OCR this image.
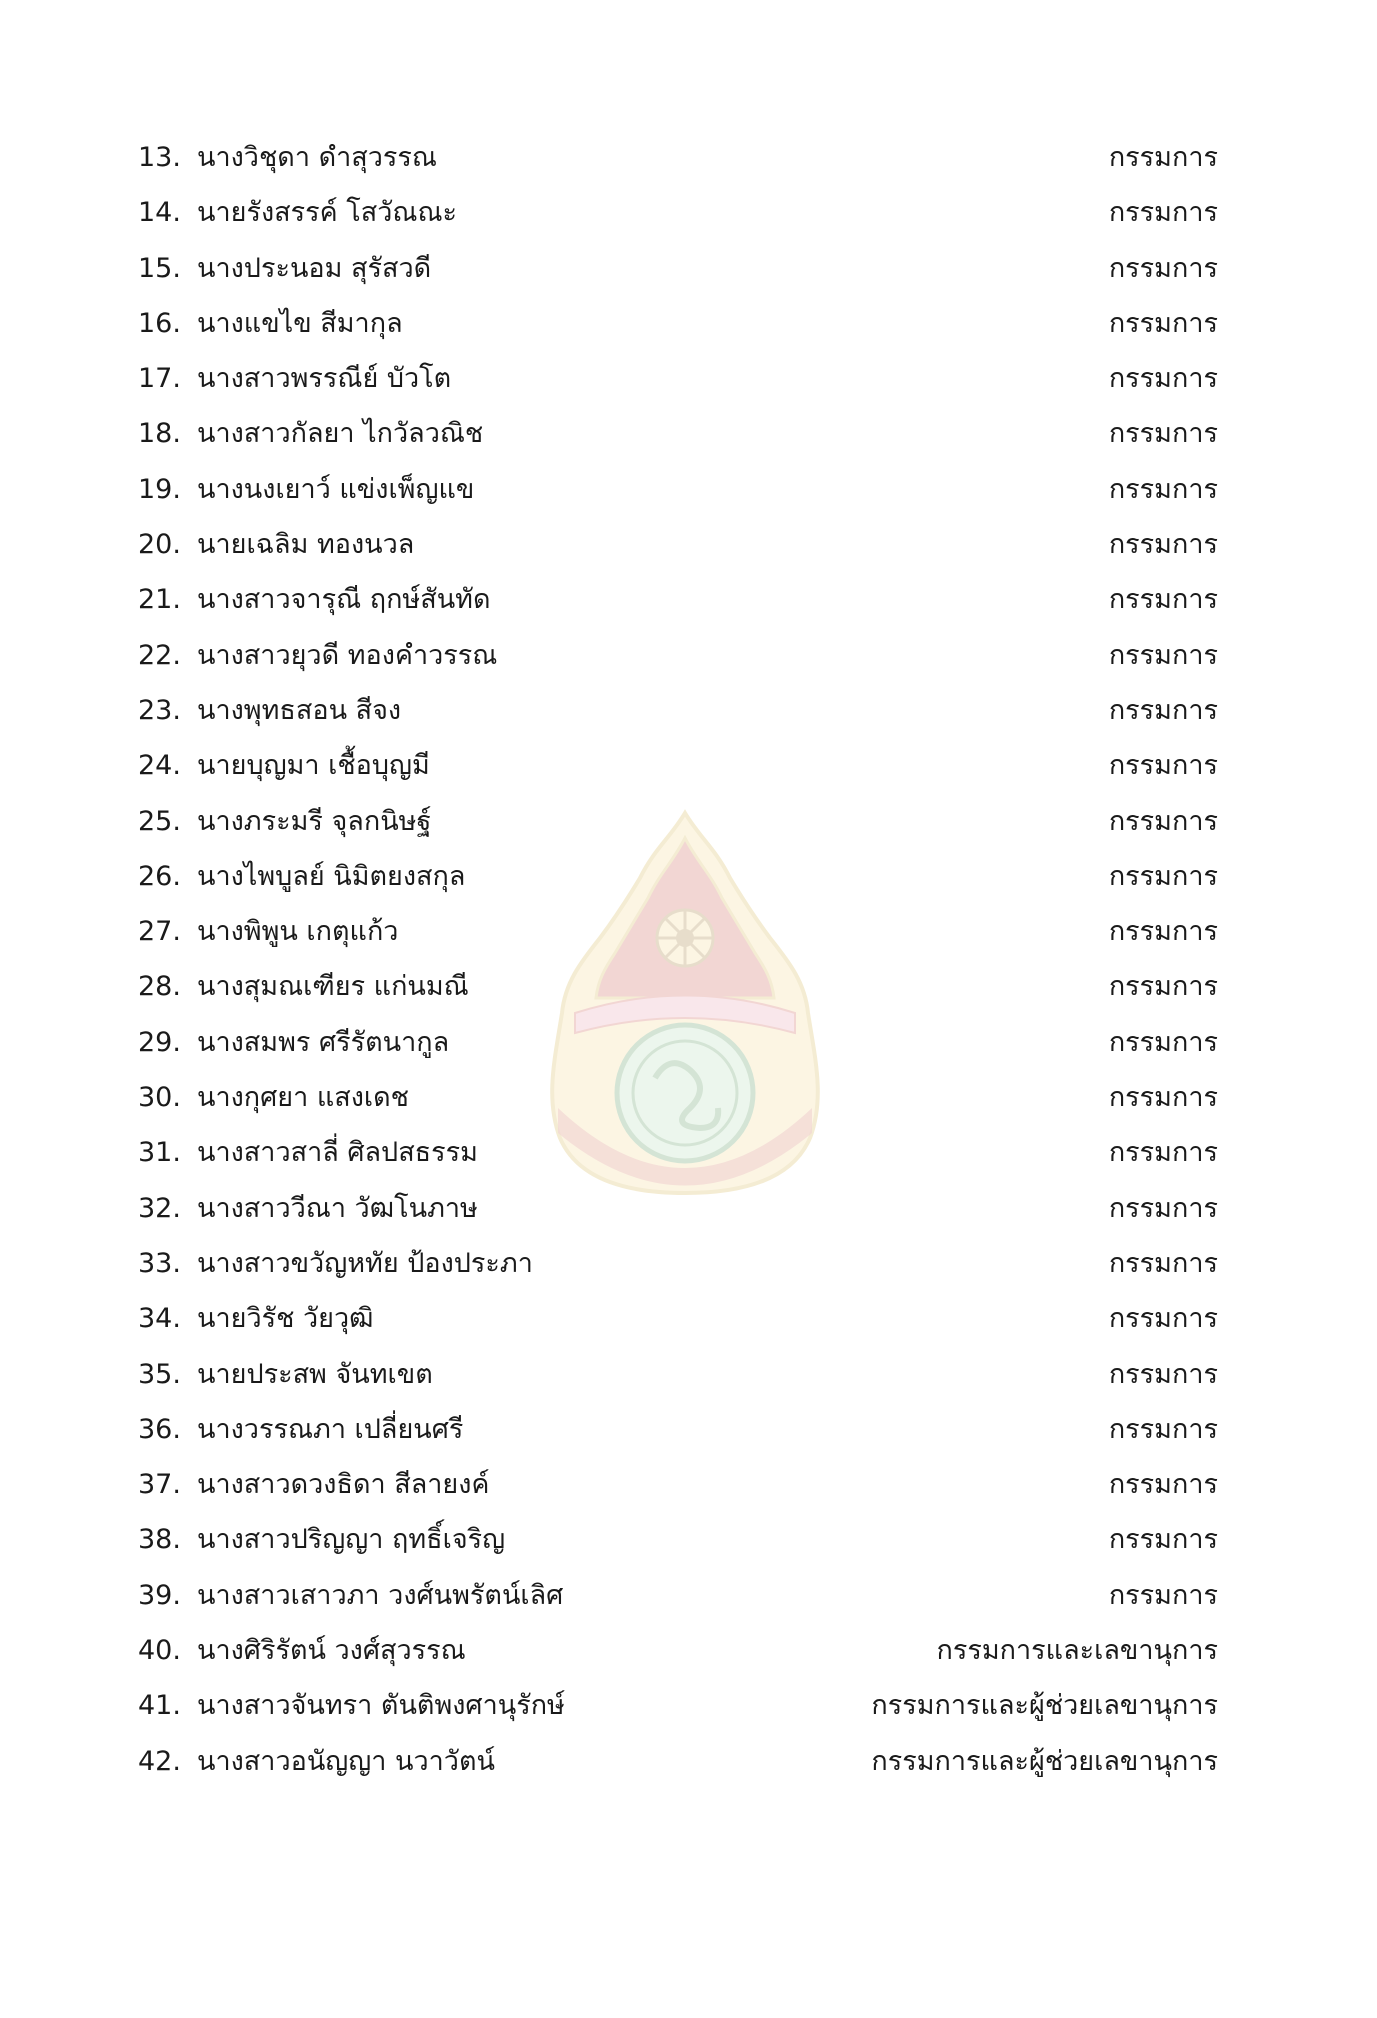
13. นางวิชุดา ดำสุวรรณ	กรรมการ
14. นายรังสรรค์ โสวัณณะ	กรรมการ
15. นางประนอม สุรัสวดี	กรรมการ
16. นางแขไข สีมากุล	กรรมการ
17. นางสาวพรรณีย์ บัวโต	กรรมการ
18. นางสาวกัลยา ไกวัลวณิช	กรรมการ
19. นางนงเยาว์ แข่งเพ็ญแข	กรรมการ
20. นายเฉลิม ทองนวล	กรรมการ
21. นางสาวจารุณี ฤกษ์สันทัด	กรรมการ
22. นางสาวยุวดี ทองคำวรรณ	กรรมการ
23. นางพุทธสอน สีจง	กรรมการ
24. นายบุญมา เชื้อบุญมี	กรรมการ
25. นางภระมรี จุลกนิษฐ์	กรรมการ
26. นางไพบูลย์ นิมิตยงสกุล	กรรมการ
27. นางพิพูน เกตุแก้ว	กรรมการ
28. นางสุมณเฑียร แก่นมณี	กรรมการ
29. นางสมพร ศรีรัตนากูล	กรรมการ
30. นางกุศยา แสงเดช	กรรมการ
31. นางสาวสาลี่ ศิลปสธรรม	กรรมการ
32. นางสาววีณา วัฒโนภาษ	กรรมการ
33. นางสาวขวัญหทัย ป้องประภา	กรรมการ
34. นายวิรัช วัยวุฒิ	กรรมการ
35. นายประสพ จันทเขต	กรรมการ
36. นางวรรณภา เปลี่ยนศรี	กรรมการ
37. นางสาวดวงธิดา สีลายงค์	กรรมการ
38. นางสาวปริญญา ฤทธิ์เจริญ	กรรมการ
39. นางสาวเสาวภา วงศ์นพรัตน์เลิศ	กรรมการ
40. นางศิริรัตน์ วงศ์สุวรรณ	กรรมการและเลขานุการ
41. นางสาวจันทรา ตันติพงศานุรักษ์	กรรมการและผู้ช่วยเลขานุการ
42. นางสาวอนัญญา นวาวัตน์	กรรมการและผู้ช่วยเลขานุการ
